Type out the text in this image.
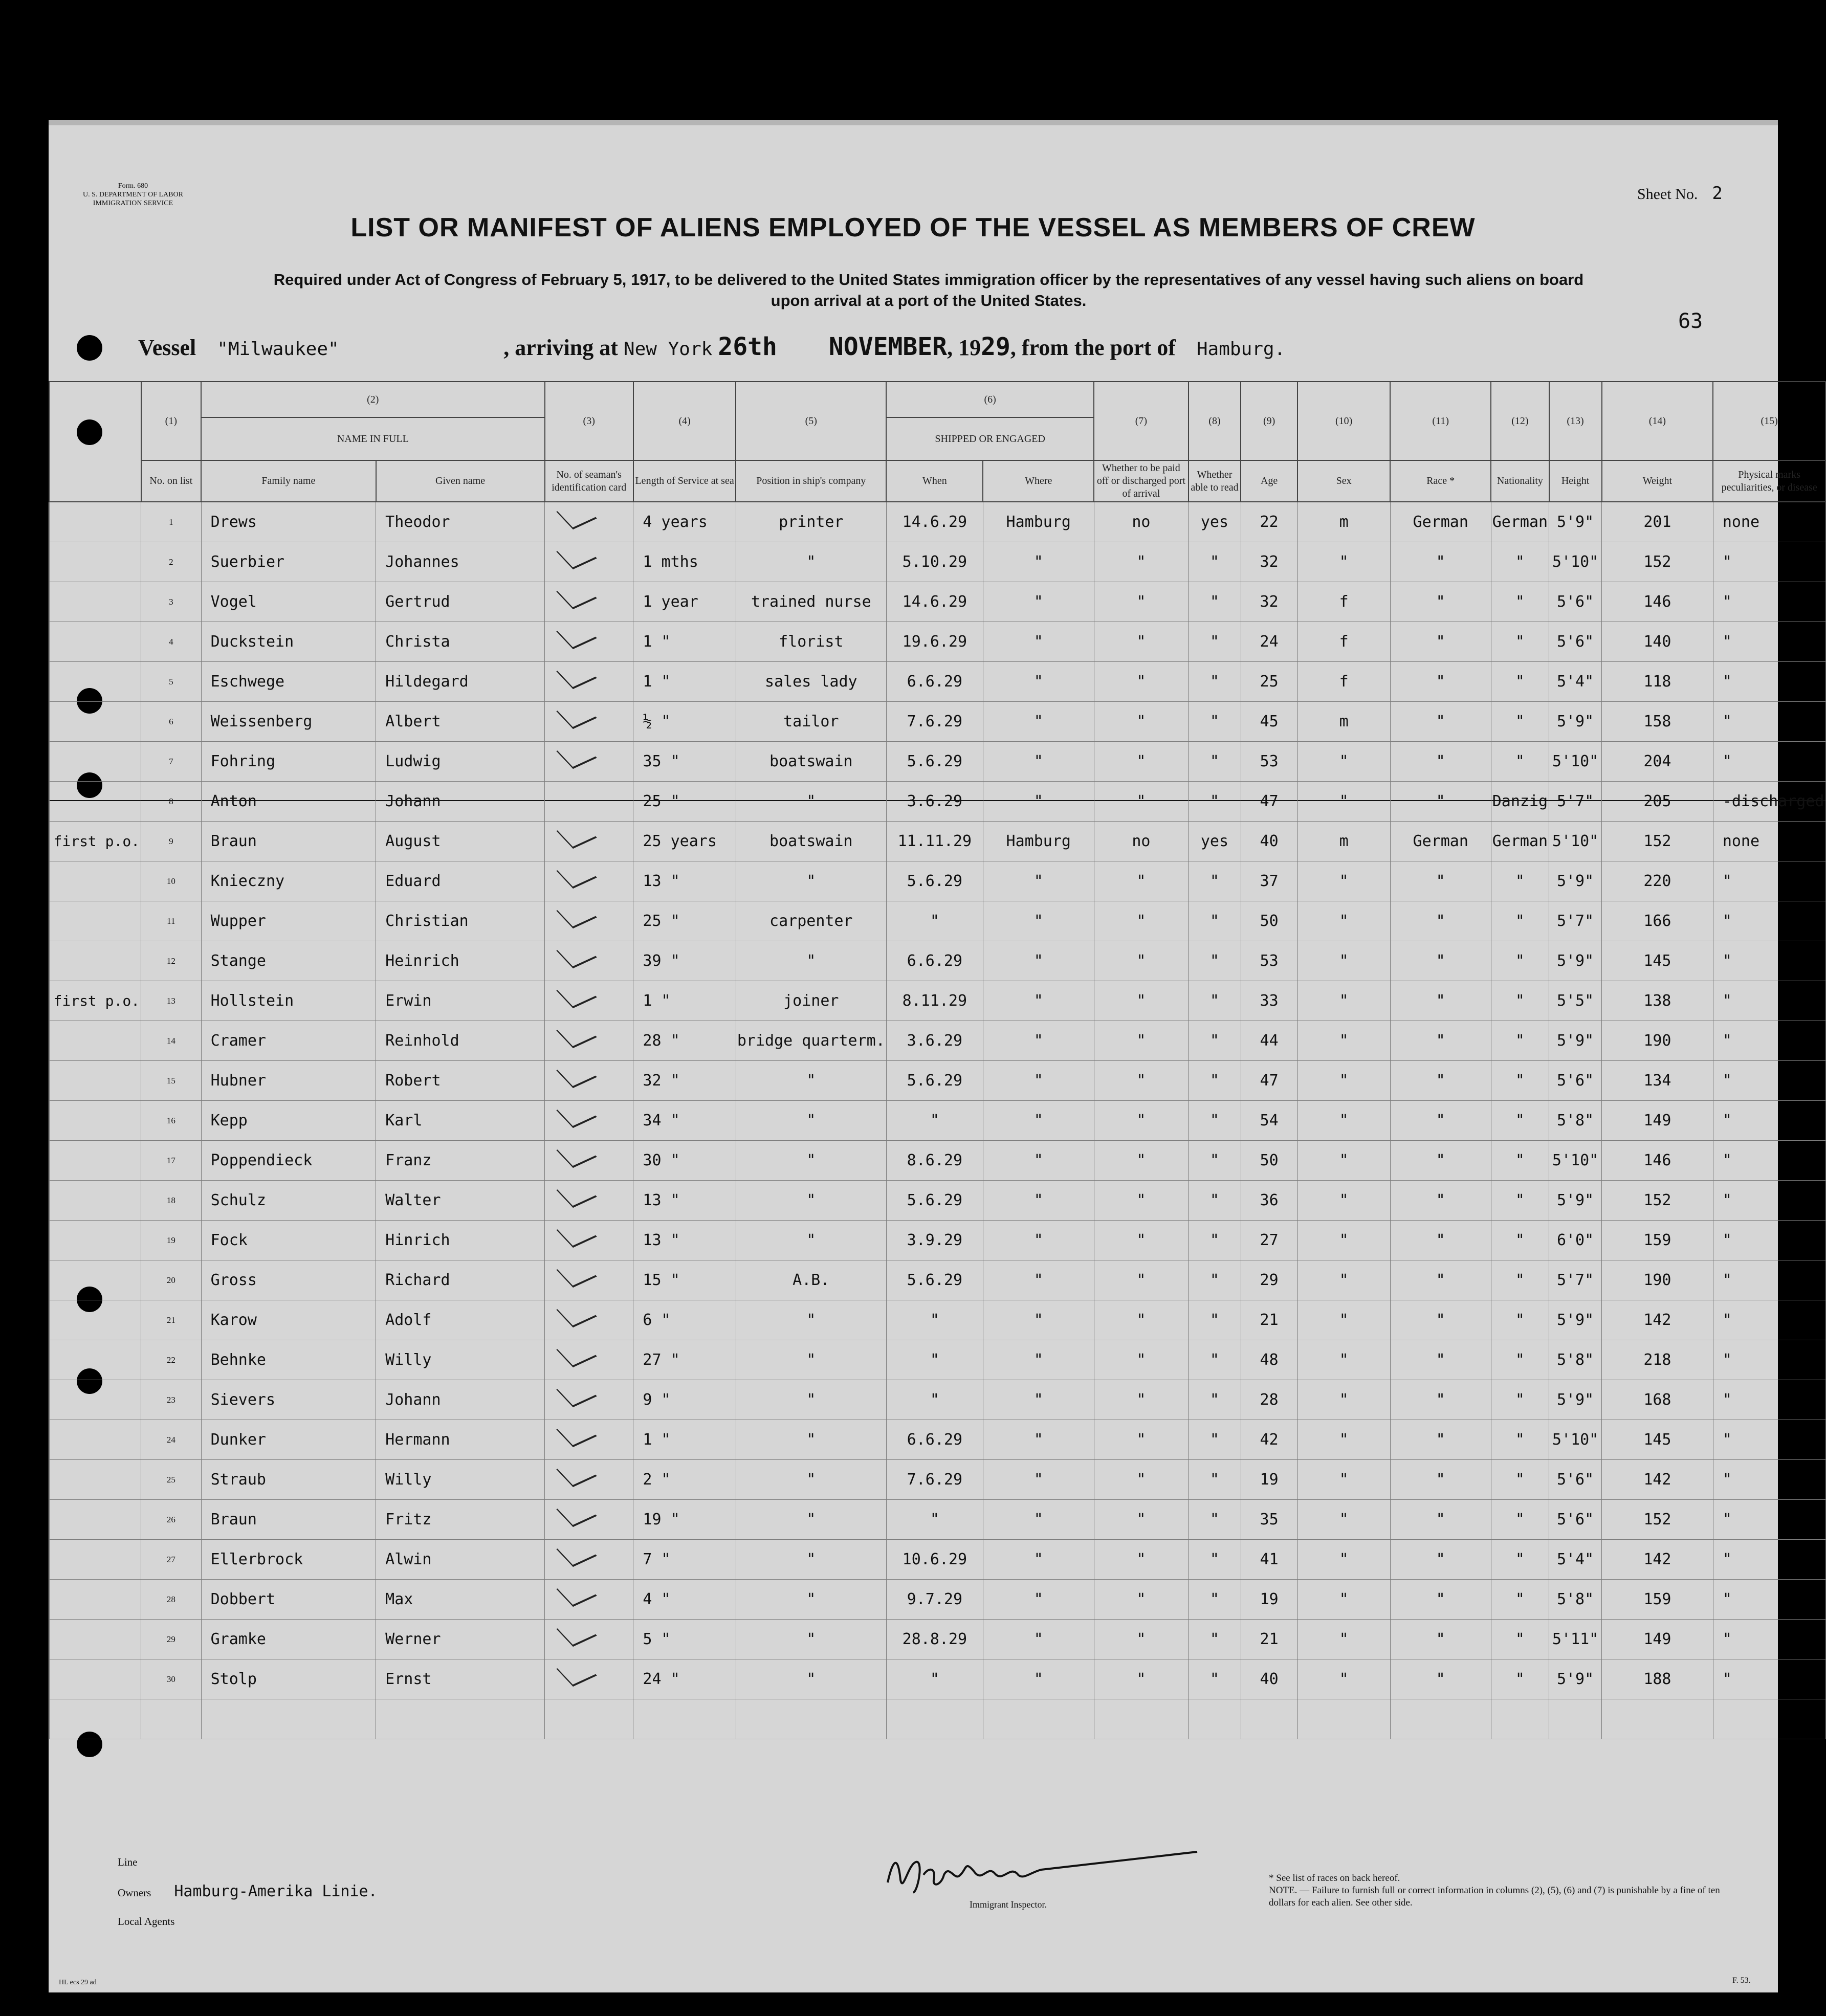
Form. 680
U. S. DEPARTMENT OF LABOR
IMMIGRATION SERVICE
Sheet No. 2
LIST OR MANIFEST OF ALIENS EMPLOYED OF THE VESSEL AS MEMBERS OF CREW
Required under Act of Congress of February 5, 1917, to be delivered to the United States immigration officer by the representatives of any vessel having such aliens on board
upon arrival at a port of the United States.
63
Vessel "Milwaukee"	, arriving at New York 26th NOVEMBER, 1929, from the port of Hamburg.
	(1)	(2)		(3)	(4)	(5)	(6)		(7)	(8)	(9)	(10)	(11)	(12)	(13)	(14)	(15)
		NAME IN FULL					SHIPPED OR ENGAGED										
	No. on list	Family name	Given name	No. of seaman's identification card	Length of Service at sea	Position in ship's company	When	Where	Whether to be paid off or discharged port of arrival	Whether able to read	Age	Sex	Race *	Nationality	Height	Weight	Physical marks peculiarities, or disease
	1	Drews	Theodor		4 years	printer	14.6.29	Hamburg	no	yes	22	m	German	German	5'9"	201	none
	2	Suerbier	Johannes		1 mths	"	5.10.29	"	"	"	32	"	"	"	5'10"	152	"
	3	Vogel	Gertrud		1 year	trained nurse	14.6.29	"	"	"	32	f	"	"	5'6"	146	"
	4	Duckstein	Christa		1 "	florist	19.6.29	"	"	"	24	f	"	"	5'6"	140	"
	5	Eschwege	Hildegard		1 "	sales lady	6.6.29	"	"	"	25	f	"	"	5'4"	118	"
	6	Weissenberg	Albert		½ "	tailor	7.6.29	"	"	"	45	m	"	"	5'9"	158	"
	7	Fohring	Ludwig		35 "	boatswain	5.6.29	"	"	"	53	"	"	"	5'10"	204	"
	8	Anton	Johann		25 "	"	3.6.29	"	"	"	47	"	"	Danzig	5'7"	205	-discharged
first p.o.	9	Braun	August		25 years	boatswain	11.11.29	Hamburg	no	yes	40	m	German	German	5'10"	152	none
	10	Knieczny	Eduard		13 "	"	5.6.29	"	"	"	37	"	"	"	5'9"	220	"
	11	Wupper	Christian		25 "	carpenter	"	"	"	"	50	"	"	"	5'7"	166	"
	12	Stange	Heinrich		39 "	"	6.6.29	"	"	"	53	"	"	"	5'9"	145	"
first p.o.	13	Hollstein	Erwin		1 "	joiner	8.11.29	"	"	"	33	"	"	"	5'5"	138	"
	14	Cramer	Reinhold		28 "	bridge quarterm.	3.6.29	"	"	"	44	"	"	"	5'9"	190	"
	15	Hubner	Robert		32 "	"	5.6.29	"	"	"	47	"	"	"	5'6"	134	"
	16	Kepp	Karl		34 "	"	"	"	"	"	54	"	"	"	5'8"	149	"
	17	Poppendieck	Franz		30 "	"	8.6.29	"	"	"	50	"	"	"	5'10"	146	"
	18	Schulz	Walter		13 "	"	5.6.29	"	"	"	36	"	"	"	5'9"	152	"
	19	Fock	Hinrich		13 "	"	3.9.29	"	"	"	27	"	"	"	6'0"	159	"
	20	Gross	Richard		15 "	A.B.	5.6.29	"	"	"	29	"	"	"	5'7"	190	"
	21	Karow	Adolf		6 "	"	"	"	"	"	21	"	"	"	5'9"	142	"
	22	Behnke	Willy		27 "	"	"	"	"	"	48	"	"	"	5'8"	218	"
	23	Sievers	Johann		9 "	"	"	"	"	"	28	"	"	"	5'9"	168	"
	24	Dunker	Hermann		1 "	"	6.6.29	"	"	"	42	"	"	"	5'10"	145	"
	25	Straub	Willy		2 "	"	7.6.29	"	"	"	19	"	"	"	5'6"	142	"
	26	Braun	Fritz		19 "	"	"	"	"	"	35	"	"	"	5'6"	152	"
	27	Ellerbrock	Alwin		7 "	"	10.6.29	"	"	"	41	"	"	"	5'4"	142	"
	28	Dobbert	Max		4 "	"	9.7.29	"	"	"	19	"	"	"	5'8"	159	"
	29	Gramke	Werner		5 "	"	28.8.29	"	"	"	21	"	"	"	5'11"	149	"
	30	Stolp	Ernst		24 "	"	"	"	"	"	40	"	"	"	5'9"	188	"

Line
Owners Hamburg-Amerika Linie.
Local Agents
Immigrant Inspector.
* See list of races on back hereof.
NOTE. — Failure to furnish full or correct information in columns (2), (5), (6) and (7) is punishable by a fine of ten dollars for each alien. See other side.
F. 53.
HL ecs 29 ad
